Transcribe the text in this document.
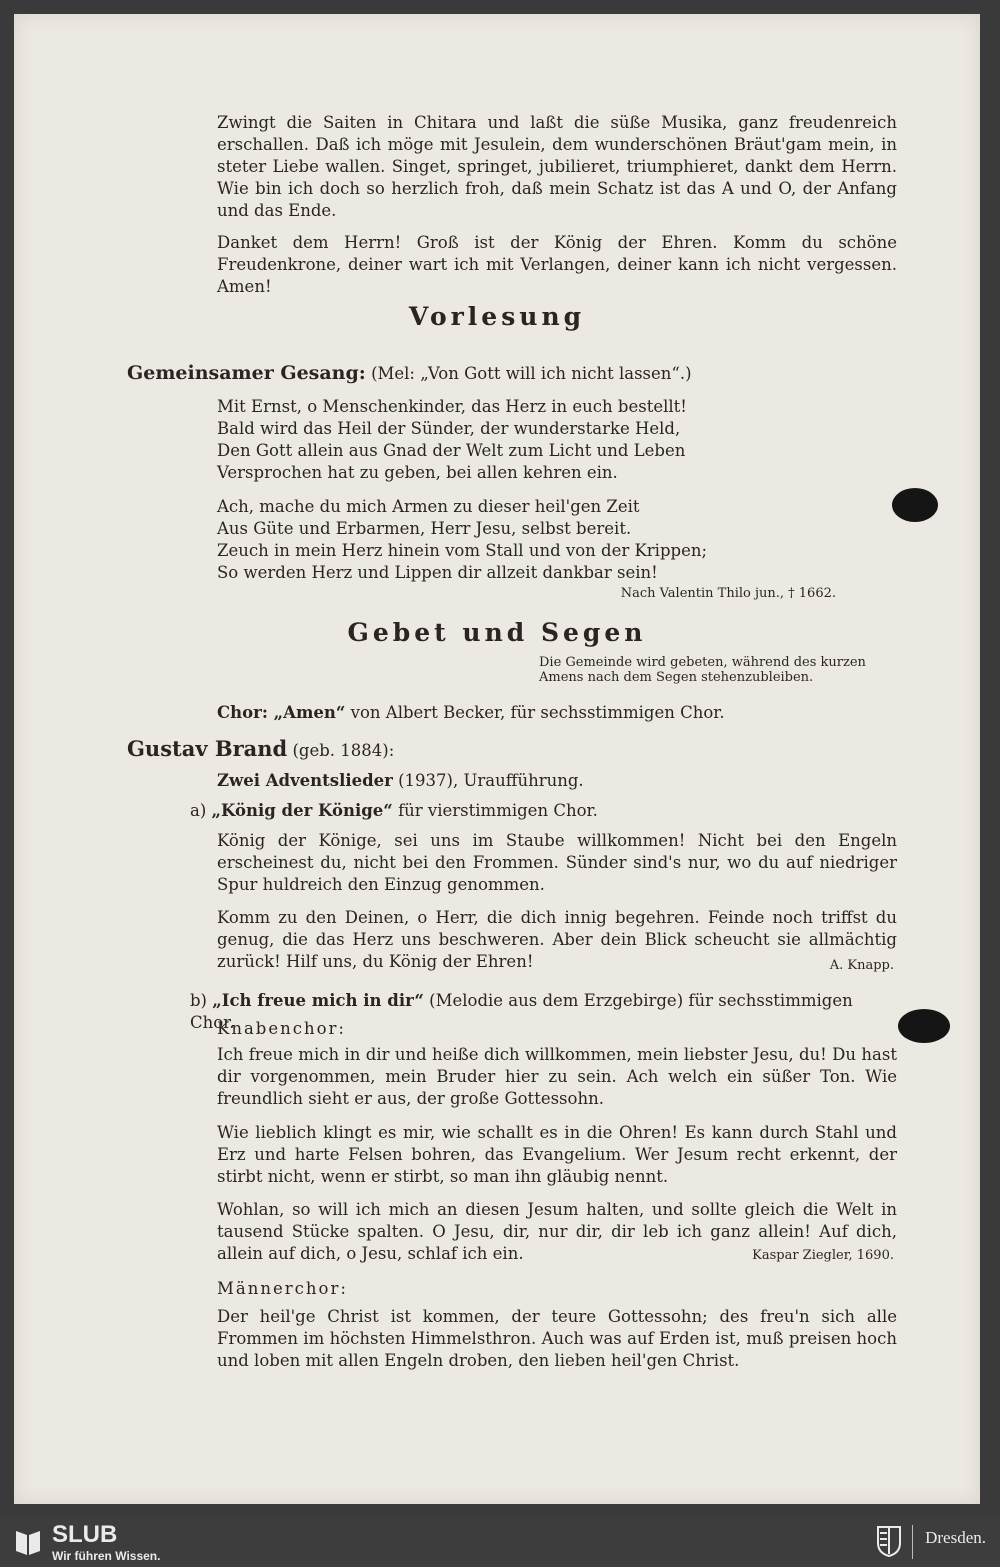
Zwingt die Saiten in Chitara und laßt die süße Musika, ganz freudenreich erschallen. Daß ich möge mit Jesulein, dem wunderschönen Bräut'gam mein, in steter Liebe wallen. Singet, springet, jubilieret, triumphieret, dankt dem Herrn. Wie bin ich doch so herzlich froh, daß mein Schatz ist das A und O, der Anfang und das Ende.

Danket dem Herrn! Groß ist der König der Ehren. Komm du schöne Freudenkrone, deiner wart ich mit Verlangen, deiner kann ich nicht vergessen. Amen!

Vorlesung

Gemeinsamer Gesang: (Mel: „Von Gott will ich nicht lassen“.)

Mit Ernst, o Menschenkinder, das Herz in euch bestellt!
Bald wird das Heil der Sünder, der wunderstarke Held,
Den Gott allein aus Gnad der Welt zum Licht und Leben
Versprochen hat zu geben, bei allen kehren ein.
Ach, mache du mich Armen zu dieser heil'gen Zeit
Aus Güte und Erbarmen, Herr Jesu, selbst bereit.
Zeuch in mein Herz hinein vom Stall und von der Krippen;
So werden Herz und Lippen dir allzeit dankbar sein!
Nach Valentin Thilo jun., † 1662.
Gebet und Segen
Die Gemeinde wird gebeten, während des kurzen
Amens nach dem Segen stehenzubleiben.

Chor: „Amen“ von Albert Becker, für sechsstimmigen Chor.

Gustav Brand (geb. 1884):

Zwei Adventslieder (1937), Uraufführung.

a) „König der Könige“ für vierstimmigen Chor.

König der Könige, sei uns im Staube willkommen! Nicht bei den Engeln erscheinest du, nicht bei den Frommen. Sünder sind's nur, wo du auf niedriger Spur huldreich den Einzug genommen.

Komm zu den Deinen, o Herr, die dich innig begehren. Feinde noch triffst du genug, die das Herz uns beschweren. Aber dein Blick scheucht sie allmächtig zurück! Hilf uns, du König der Ehren!	A. Knapp.

b) „Ich freue mich in dir“ (Melodie aus dem Erzgebirge) für sechsstimmigen Chor.

Knabenchor:

Ich freue mich in dir und heiße dich willkommen, mein liebster Jesu, du! Du hast dir vorgenommen, mein Bruder hier zu sein. Ach welch ein süßer Ton. Wie freundlich sieht er aus, der große Gottessohn.

Wie lieblich klingt es mir, wie schallt es in die Ohren! Es kann durch Stahl und Erz und harte Felsen bohren, das Evangelium. Wer Jesum recht erkennt, der stirbt nicht, wenn er stirbt, so man ihn gläubig nennt.

Wohlan, so will ich mich an diesen Jesum halten, und sollte gleich die Welt in tausend Stücke spalten. O Jesu, dir, nur dir, dir leb ich ganz allein! Auf dich, allein auf dich, o Jesu, schlaf ich ein.	Kaspar Ziegler, 1690.

Männerchor:

Der heil'ge Christ ist kommen, der teure Gottessohn; des freu'n sich alle Frommen im höchsten Himmelsthron. Auch was auf Erden ist, muß preisen hoch und loben mit allen Engeln droben, den lieben heil'gen Christ.

SLUB
Wir führen Wissen.
Dresden.
